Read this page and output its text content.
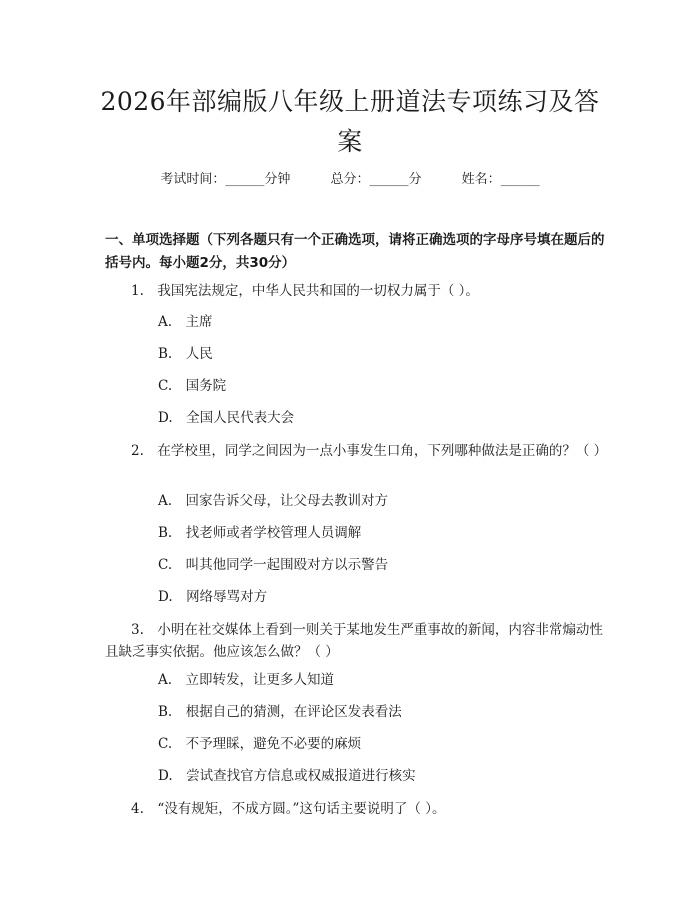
2026年部编版八年级上册道法专项练习及答案
考试时间：______分钟	总分：______分	姓名：______
一、单项选择题（下列各题只有一个正确选项，请将正确选项的字母序号填在题后的括号内。每小题2分，共30分）
1.　我国宪法规定，中华人民共和国的一切权力属于（ ）。
A.　主席
B.　人民
C.　国务院
D.　全国人民代表大会
2.　在学校里，同学之间因为一点小事发生口角，下列哪种做法是正确的？（ ）
A.　回家告诉父母，让父母去教训对方
B.　找老师或者学校管理人员调解
C.　叫其他同学一起围殴对方以示警告
D.　网络辱骂对方
3.　小明在社交媒体上看到一则关于某地发生严重事故的新闻，内容非常煽动性且缺乏事实依据。他应该怎么做？（ ）
A.　立即转发，让更多人知道
B.　根据自己的猜测，在评论区发表看法
C.　不予理睬，避免不必要的麻烦
D.　尝试查找官方信息或权威报道进行核实
4.　“没有规矩，不成方圆。”这句话主要说明了（ ）。
